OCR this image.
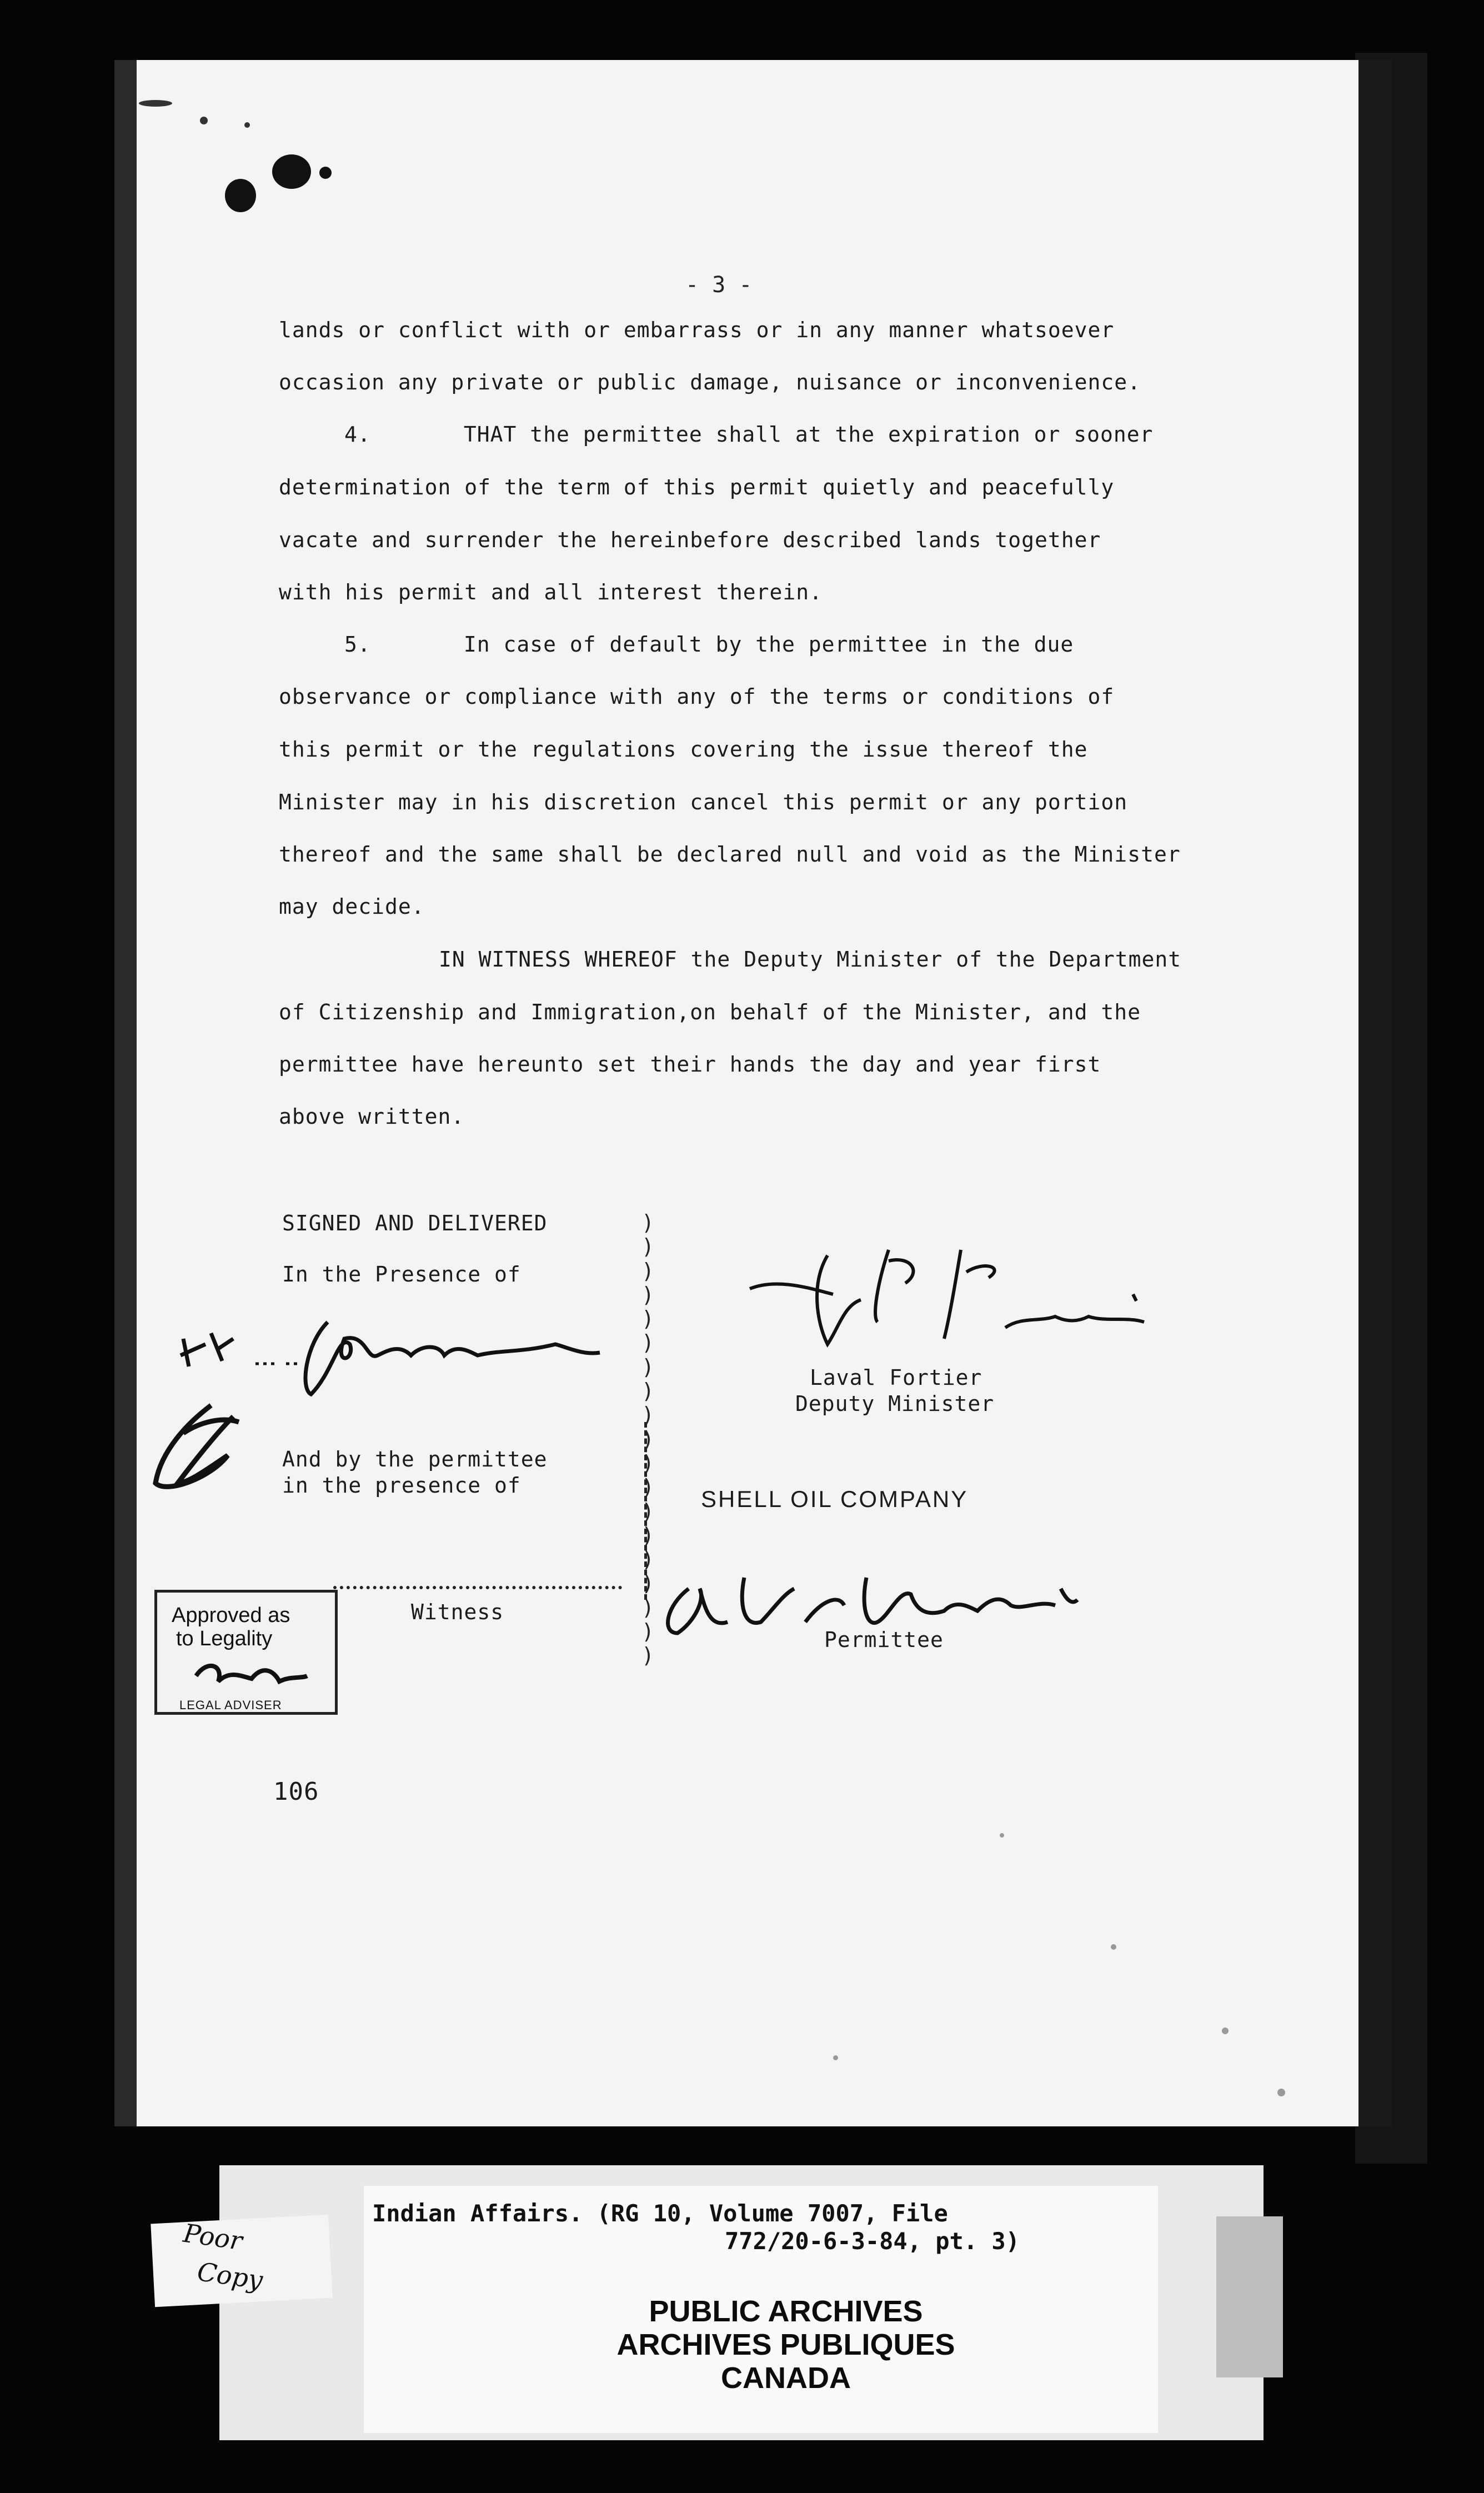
- 3 -
lands or conflict with or embarrass or in any manner whatsoever
occasion any private or public damage, nuisance or inconvenience.
4.       THAT the permittee shall at the expiration or sooner
determination of the term of this permit quietly and peacefully
vacate and surrender the hereinbefore described lands together
with his permit and all interest therein.
5.       In case of default by the permittee in the due
observance or compliance with any of the terms or conditions of
this permit or the regulations covering the issue thereof the
Minister may in his discretion cancel this permit or any portion
thereof and the same shall be declared null and void as the Minister
may decide.
IN WITNESS WHEREOF the Deputy Minister of the Department
of Citizenship and Immigration,on behalf of the Minister, and the
permittee have hereunto set their hands the day and year first
above written.
SIGNED AND DELIVERED
In the Presence of
)
)
)
)
)
)
)
)
)
)
)
)
)
)
)
)
)
)
)
And by the permittee
in the presence of
Witness
Laval Fortier
Deputy Minister
SHELL OIL COMPANY
Permittee
Approved as
to Legality
LEGAL ADVISER
106
Poor
Copy
Indian Affairs. (RG 10, Volume 7007, File
772/20-6-3-84, pt. 3)
PUBLIC ARCHIVES
ARCHIVES PUBLIQUES
CANADA
